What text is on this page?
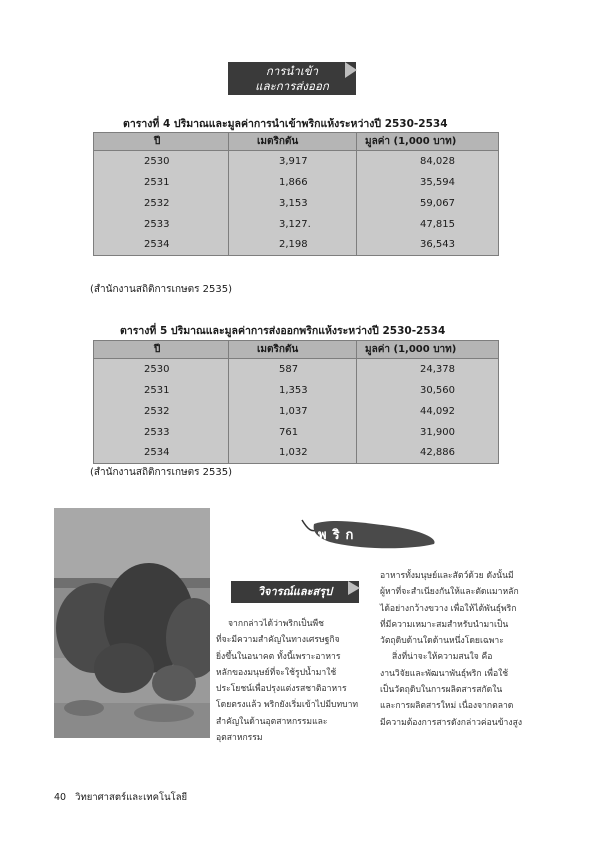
การนำเข้า
และการส่งออก
ตารางที่ 4 ปริมาณและมูลค่าการนำเข้าพริกแห้งระหว่างปี 2530-2534
ปี	เมตริกตัน	มูลค่า (1,000 บาท)
2530	3,917	84,028
2531	1,866	35,594
2532	3,153	59,067
2533	3,127.	47,815
2534	2,198	36,543
(สำนักงานสถิติการเกษตร 2535)
ตารางที่ 5 ปริมาณและมูลค่าการส่งออกพริกแห้งระหว่างปี 2530-2534
ปี	เมตริกตัน	มูลค่า (1,000 บาท)
2530	587	24,378
2531	1,353	30,560
2532	1,037	44,092
2533	761	31,900
2534	1,032	42,886
(สำนักงานสถิติการเกษตร 2535)
พริก
วิจารณ์และสรุป

จากกล่าวได้ว่าพริกเป็นพืช

ที่จะมีความสำคัญในทางเศรษฐกิจ

ยิ่งขึ้นในอนาคต ทั้งนี้เพราะอาหาร

หลักของมนุษย์ที่จะใช้รูปน้ำมาใช้

ประโยชน์เพื่อปรุงแต่งรสชาติอาหาร

โดยตรงแล้ว พริกยังเริ่มเข้าไปมีบทบาท

สำคัญในด้านอุตสาหกรรมและอุตสาหกรรม

อาหารทั้งมนุษย์และสัตว์ด้วย ดังนั้นมี

ผู้หาที่จะสำเนียงกันให้และตัดแมาหลัก

ได้อย่างกว้างขวาง เพื่อให้ได้พันธุ์พริก

ที่มีความเหมาะสมสำหรับนำมาเป็น

วัตถุดิบด้านใดด้านหนึ่งโดยเฉพาะ

สิ่งที่น่าจะให้ความสนใจ คือ

งานวิจัยและพัฒนาพันธุ์พริก เพื่อใช้

เป็นวัตถุดิบในการผลิตสารสกัดใน

และการผลิตสารใหม่ เนื่องจากตลาด

มีความต้องการสารดังกล่าวค่อนข้างสูง

40 วิทยาศาสตร์และเทคโนโลยี
